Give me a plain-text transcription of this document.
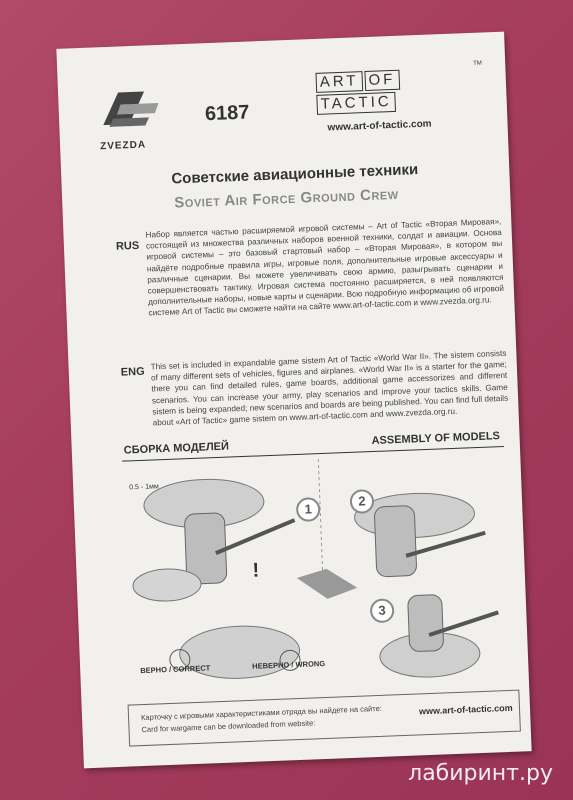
ZVEZDA
6187
ART OF
TACTIC
TM
www.art-of-tactic.com
Советские авиационные техники
Soviet Air Force Ground Crew
RUS
Набор является частью расширяемой игровой системы – Art of Tactic «Вторая Мировая», состоящей из множества различных наборов военной техники, солдат и авиации. Основа игровой системы – это базовый стартовый набор – «Вторая Мировая», в котором вы найдёте подробные правила игры, игровые поля, дополнительные игровые аксессуары и различные сценарии. Вы можете увеличивать свою армию, разыгрывать сценарии и совершенствовать тактику. Игровая система постоянно расширяется, в ней появляются дополнительные наборы, новые карты и сценарии. Всю подробную информацию об игровой системе Art of Tactic вы сможете найти на сайте www.art-of-tactic.com и www.zvezda.org.ru.
ENG
This set is included in expandable game sistem Art of Tactic «World War II». The sistem consists of many different sets of vehicles, figures and airplanes. «World War II» is a starter for the game; there you can find detailed rules, game boards, additional game accessorizes and different scenarios. You can increase your army, play scenarios and improve your tactics skills. Game sistem is being expanded; new scenarios and boards are being published. You can find full details about «Art of Tactic» game sistem on www.art-of-tactic.com and www.zvezda.org.ru.
СБОРКА МОДЕЛЕЙ
ASSEMBLY OF MODELS
0.5 - 1мм
1
2
3
!
ВЕРНО / CORRECT	НЕВЕРНО / WRONG
Карточку с игровыми характеристиками отряда вы найдете на сайте:
Card for wargame can be downloaded from website:
www.art-of-tactic.com
лабиринт.ру
